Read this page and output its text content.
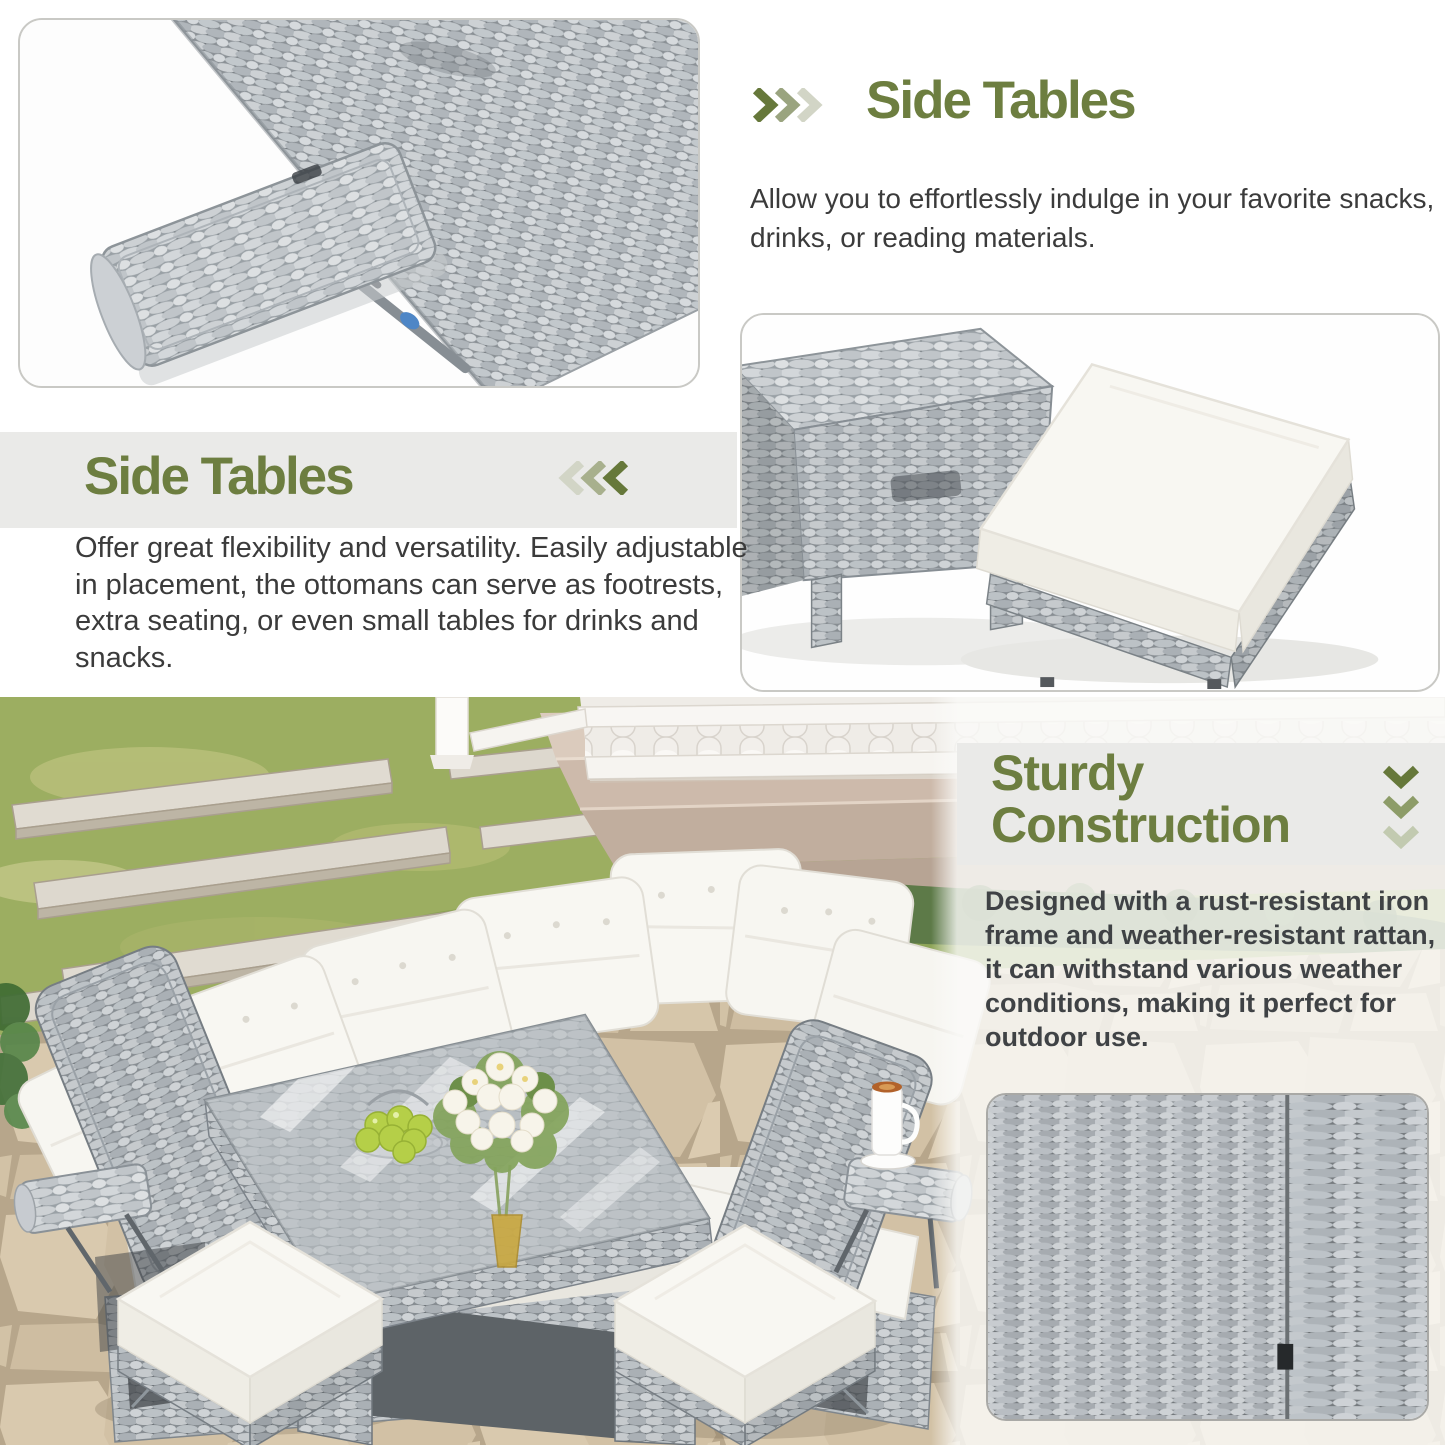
Side Tables
Allow you to effortlessly indulge in your favorite snacks, drinks, or reading materials.
Side Tables
Offer great flexibility and versatility. Easily adjustable in placement, the ottomans can serve as footrests, extra seating, or even small tables for drinks and snacks.
Sturdy
Construction
Designed with a rust-resistant iron frame and weather-resistant rattan, it can withstand various weather conditions, making it perfect for outdoor use.
